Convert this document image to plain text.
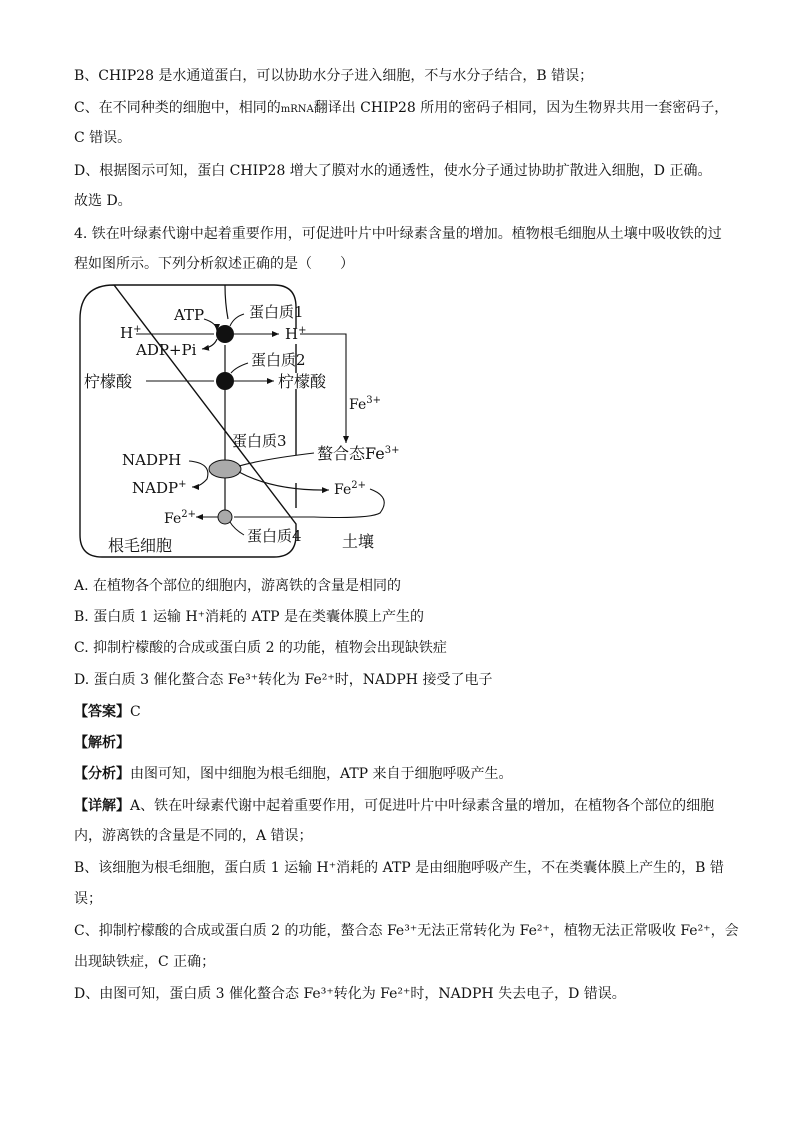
B、CHIP28 是水通道蛋白，可以协助水分子进入细胞，不与水分子结合，B 错误；
C、在不同种类的细胞中，相同的mRNA翻译出 CHIP28 所用的密码子相同，因为生物界共用一套密码子，
C 错误。
D、根据图示可知，蛋白 CHIP28 增大了膜对水的通透性，使水分子通过协助扩散进入细胞，D 正确。
故选 D。
4. 铁在叶绿素代谢中起着重要作用，可促进叶片中叶绿素含量的增加。植物根毛细胞从土壤中吸收铁的过
程如图所示。下列分析叙述正确的是（　　）
ATP
H+
ADP+Pi
H+
蛋白质1
柠檬酸
蛋白质2
柠檬酸
$Fe^{3+}$
蛋白质3
NADPH
NADP+
螯合态$Fe^{3+}$
$Fe^{2+}$
$Fe^{2+}$
蛋白质4
根毛细胞	土壤
A. 在植物各个部位的细胞内，游离铁的含量是相同的
B. 蛋白质 1 运输 H⁺消耗的 ATP 是在类囊体膜上产生的
C. 抑制柠檬酸的合成或蛋白质 2 的功能，植物会出现缺铁症
D. 蛋白质 3 催化螯合态 Fe³⁺转化为 Fe²⁺时，NADPH 接受了电子
【答案】C
【解析】
【分析】由图可知，图中细胞为根毛细胞，ATP 来自于细胞呼吸产生。
【详解】A、铁在叶绿素代谢中起着重要作用，可促进叶片中叶绿素含量的增加，在植物各个部位的细胞
内，游离铁的含量是不同的，A 错误；
B、该细胞为根毛细胞，蛋白质 1 运输 H⁺消耗的 ATP 是由细胞呼吸产生，不在类囊体膜上产生的，B 错
误；
C、抑制柠檬酸的合成或蛋白质 2 的功能，螯合态 Fe³⁺无法正常转化为 Fe²⁺，植物无法正常吸收 Fe²⁺，会
出现缺铁症，C 正确；
D、由图可知，蛋白质 3 催化螯合态 Fe³⁺转化为 Fe²⁺时，NADPH 失去电子，D 错误。
